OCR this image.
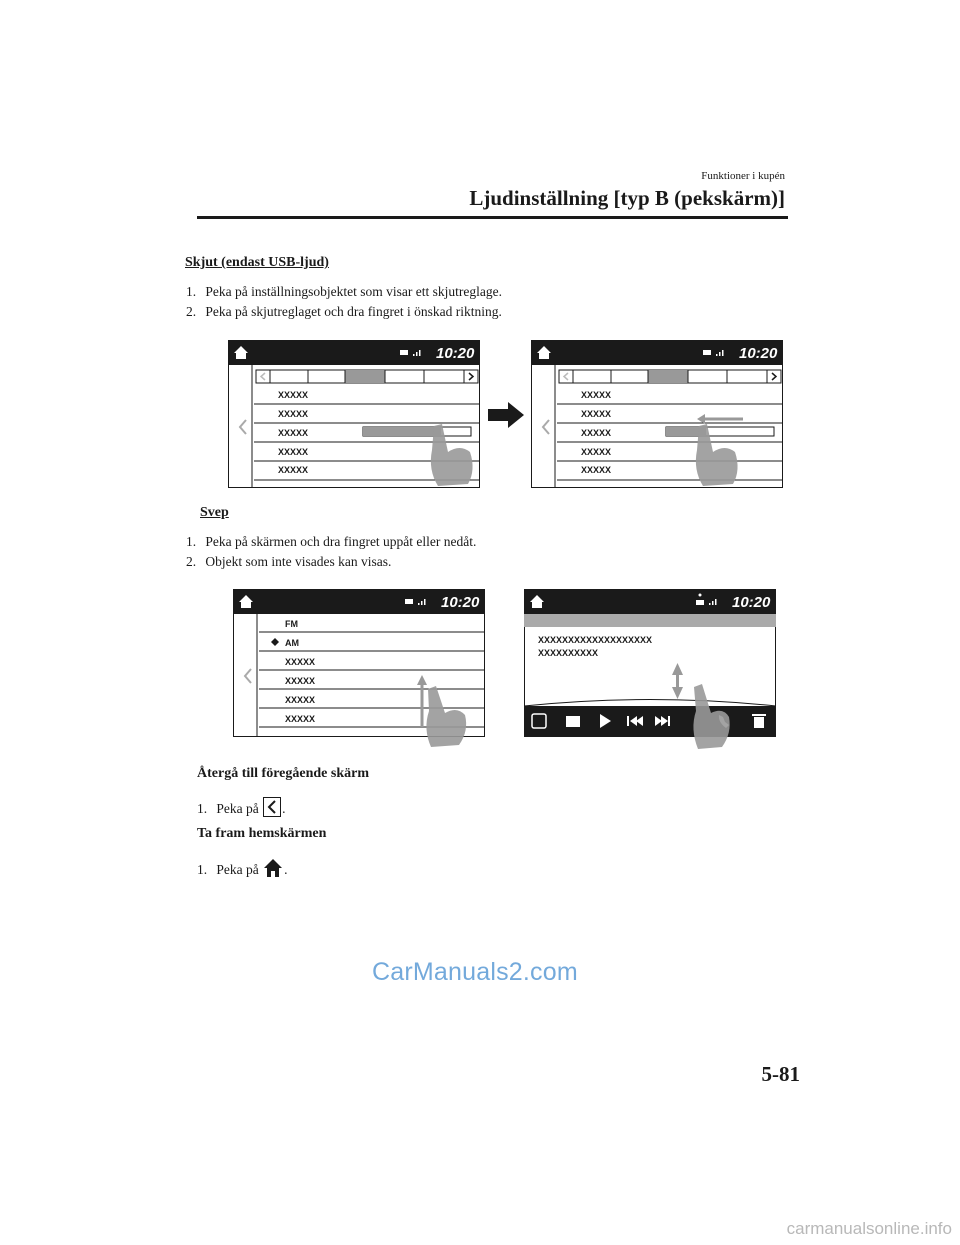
Funktioner i kupén
Ljudinställning [typ B (pekskärm)]
Skjut (endast USB-ljud)
1. Peka på inställningsobjektet som visar ett skjutreglage.
2. Peka på skjutreglaget och dra fingret i önskad riktning.
10:20
XXXXX
XXXXX
XXXXX
XXXXX
XXXXX
10:20
XXXXX
XXXXX
XXXXX
XXXXX
XXXXX
Svep
1. Peka på skärmen och dra fingret uppåt eller nedåt.
2. Objekt som inte visades kan visas.
10:20
FM
AM
XXXXX
XXXXX
XXXXX
XXXXX
10:20
XXXXXXXXXXXXXXXXXXX
XXXXXXXXXX
Återgå till föregående skärm
1. Peka på .
Ta fram hemskärmen
1. Peka på .
CarManuals2.com
5-81
carmanualsonline.info
